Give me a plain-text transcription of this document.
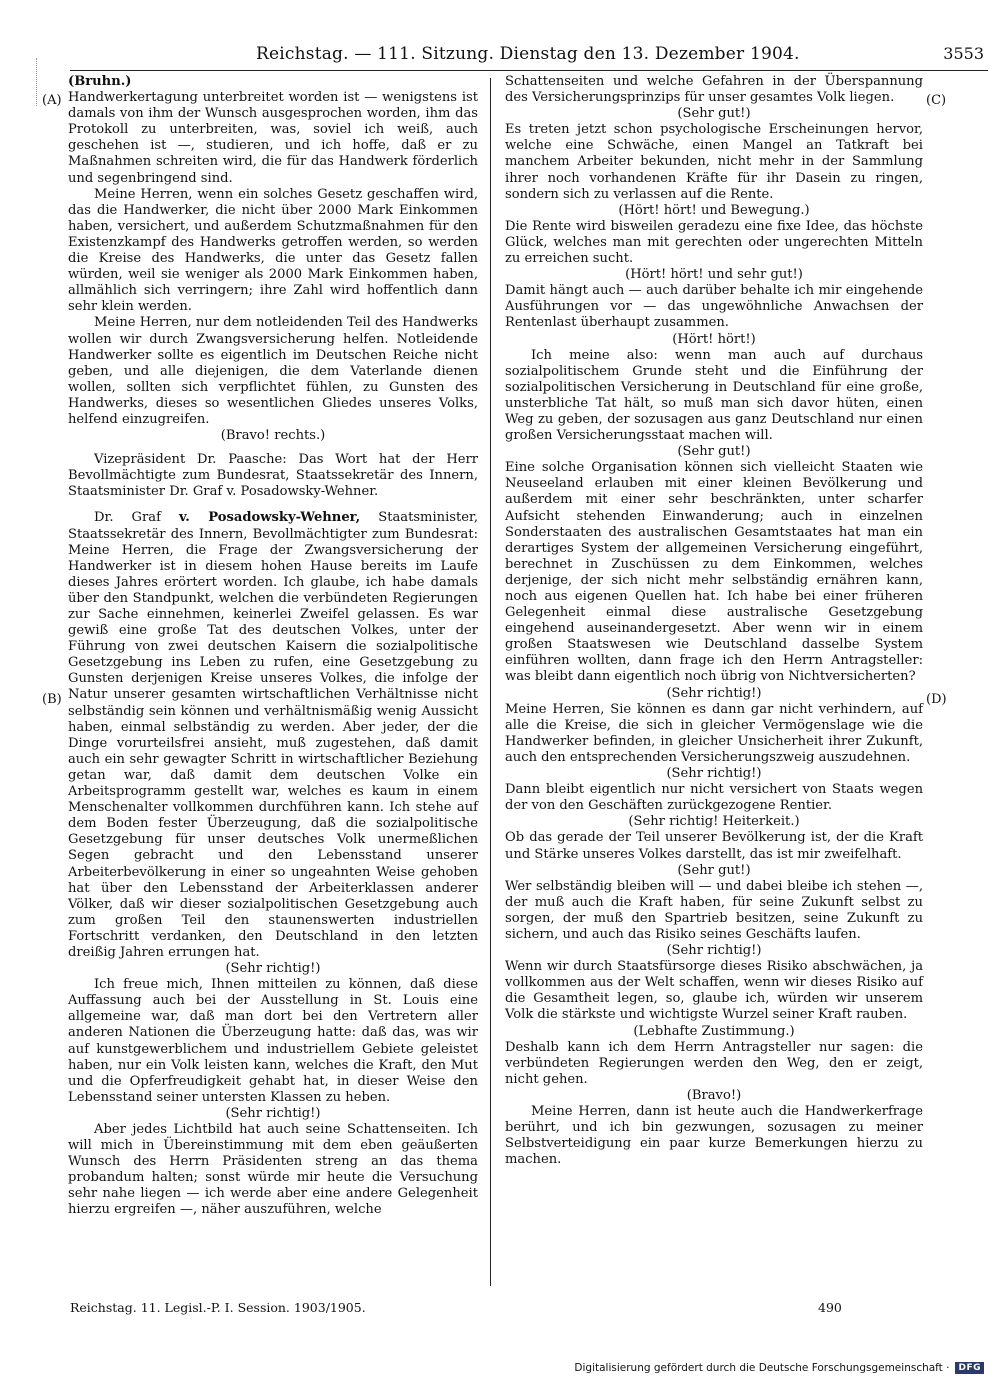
Reichstag. — 111. Sitzung. Dienstag den 13. Dezember 1904.	3553
(A)
(B)
(C)
(D)

(Bruhn.)

Handwerkertagung unterbreitet worden ist — wenigstens ist damals von ihm der Wunsch ausgesprochen worden, ihm das Protokoll zu unterbreiten, was, soviel ich weiß, auch geschehen ist —, studieren, und ich hoffe, daß er zu Maßnahmen schreiten wird, die für das Handwerk förderlich und segenbringend sind.

Meine Herren, wenn ein solches Gesetz geschaffen wird, das die Handwerker, die nicht über 2000 Mark Einkommen haben, versichert, und außerdem Schutzmaßnahmen für den Existenzkampf des Handwerks getroffen werden, so werden die Kreise des Handwerks, die unter das Gesetz fallen würden, weil sie weniger als 2000 Mark Einkommen haben, allmählich sich verringern; ihre Zahl wird hoffentlich dann sehr klein werden.

Meine Herren, nur dem notleidenden Teil des Handwerks wollen wir durch Zwangsversicherung helfen. Notleidende Handwerker sollte es eigentlich im Deutschen Reiche nicht geben, und alle diejenigen, die dem Vaterlande dienen wollen, sollten sich verpflichtet fühlen, zu Gunsten des Handwerks, dieses so wesentlichen Gliedes unseres Volks, helfend einzugreifen.

(Bravo! rechts.)

Vizepräsident Dr. Paasche: Das Wort hat der Herr Bevollmächtigte zum Bundesrat, Staatssekretär des Innern, Staatsminister Dr. Graf v. Posadowsky-Wehner.

Dr. Graf v. Posadowsky-Wehner, Staatsminister, Staatssekretär des Innern, Bevollmächtigter zum Bundesrat: Meine Herren, die Frage der Zwangsversicherung der Handwerker ist in diesem hohen Hause bereits im Laufe dieses Jahres erörtert worden. Ich glaube, ich habe damals über den Standpunkt, welchen die verbündeten Regierungen zur Sache einnehmen, keinerlei Zweifel gelassen. Es war gewiß eine große Tat des deutschen Volkes, unter der Führung von zwei deutschen Kaisern die sozialpolitische Gesetzgebung ins Leben zu rufen, eine Gesetzgebung zu Gunsten derjenigen Kreise unseres Volkes, die infolge der Natur unserer gesamten wirtschaftlichen Verhältnisse nicht selbständig sein können und verhältnismäßig wenig Aussicht haben, einmal selbständig zu werden. Aber jeder, der die Dinge vorurteilsfrei ansieht, muß zugestehen, daß damit auch ein sehr gewagter Schritt in wirtschaftlicher Beziehung getan war, daß damit dem deutschen Volke ein Arbeitsprogramm gestellt war, welches es kaum in einem Menschenalter vollkommen durchführen kann. Ich stehe auf dem Boden fester Überzeugung, daß die sozialpolitische Gesetzgebung für unser deutsches Volk unermeßlichen Segen gebracht und den Lebensstand unserer Arbeiterbevölkerung in einer so ungeahnten Weise gehoben hat über den Lebensstand der Arbeiterklassen anderer Völker, daß wir dieser sozialpolitischen Gesetzgebung auch zum großen Teil den staunenswerten industriellen Fortschritt verdanken, den Deutschland in den letzten dreißig Jahren errungen hat.

(Sehr richtig!)

Ich freue mich, Ihnen mitteilen zu können, daß diese Auffassung auch bei der Ausstellung in St. Louis eine allgemeine war, daß man dort bei den Vertretern aller anderen Nationen die Überzeugung hatte: daß das, was wir auf kunstgewerblichem und industriellem Gebiete geleistet haben, nur ein Volk leisten kann, welches die Kraft, den Mut und die Opferfreudigkeit gehabt hat, in dieser Weise den Lebensstand seiner untersten Klassen zu heben.

(Sehr richtig!)

Aber jedes Lichtbild hat auch seine Schattenseiten. Ich will mich in Übereinstimmung mit dem eben geäußerten Wunsch des Herrn Präsidenten streng an das thema probandum halten; sonst würde mir heute die Versuchung sehr nahe liegen — ich werde aber eine andere Gelegenheit hierzu ergreifen —, näher auszuführen, welche

Schattenseiten und welche Gefahren in der Überspannung des Versicherungsprinzips für unser gesamtes Volk liegen.

(Sehr gut!)

Es treten jetzt schon psychologische Erscheinungen hervor, welche eine Schwäche, einen Mangel an Tatkraft bei manchem Arbeiter bekunden, nicht mehr in der Sammlung ihrer noch vorhandenen Kräfte für ihr Dasein zu ringen, sondern sich zu verlassen auf die Rente.

(Hört! hört! und Bewegung.)

Die Rente wird bisweilen geradezu eine fixe Idee, das höchste Glück, welches man mit gerechten oder ungerechten Mitteln zu erreichen sucht.

(Hört! hört! und sehr gut!)

Damit hängt auch — auch darüber behalte ich mir eingehende Ausführungen vor — das ungewöhnliche Anwachsen der Rentenlast überhaupt zusammen.

(Hört! hört!)

Ich meine also: wenn man auch auf durchaus sozialpolitischem Grunde steht und die Einführung der sozialpolitischen Versicherung in Deutschland für eine große, unsterbliche Tat hält, so muß man sich davor hüten, einen Weg zu geben, der sozusagen aus ganz Deutschland nur einen großen Versicherungsstaat machen will.

(Sehr gut!)

Eine solche Organisation können sich vielleicht Staaten wie Neuseeland erlauben mit einer kleinen Bevölkerung und außerdem mit einer sehr beschränkten, unter scharfer Aufsicht stehenden Einwanderung; auch in einzelnen Sonderstaaten des australischen Gesamtstaates hat man ein derartiges System der allgemeinen Versicherung eingeführt, berechnet in Zuschüssen zu dem Einkommen, welches derjenige, der sich nicht mehr selbständig ernähren kann, noch aus eigenen Quellen hat. Ich habe bei einer früheren Gelegenheit einmal diese australische Gesetzgebung eingehend auseinandergesetzt. Aber wenn wir in einem großen Staatswesen wie Deutschland dasselbe System einführen wollten, dann frage ich den Herrn Antragsteller: was bleibt dann eigentlich noch übrig von Nichtversicherten?

(Sehr richtig!)

Meine Herren, Sie können es dann gar nicht verhindern, auf alle die Kreise, die sich in gleicher Vermögenslage wie die Handwerker befinden, in gleicher Unsicherheit ihrer Zukunft, auch den entsprechenden Versicherungszweig auszudehnen.

(Sehr richtig!)

Dann bleibt eigentlich nur nicht versichert von Staats wegen der von den Geschäften zurückgezogene Rentier.

(Sehr richtig! Heiterkeit.)

Ob das gerade der Teil unserer Bevölkerung ist, der die Kraft und Stärke unseres Volkes darstellt, das ist mir zweifelhaft.

(Sehr gut!)

Wer selbständig bleiben will — und dabei bleibe ich stehen —, der muß auch die Kraft haben, für seine Zukunft selbst zu sorgen, der muß den Spartrieb besitzen, seine Zukunft zu sichern, und auch das Risiko seines Geschäfts laufen.

(Sehr richtig!)

Wenn wir durch Staatsfürsorge dieses Risiko abschwächen, ja vollkommen aus der Welt schaffen, wenn wir dieses Risiko auf die Gesamtheit legen, so, glaube ich, würden wir unserem Volk die stärkste und wichtigste Wurzel seiner Kraft rauben.

(Lebhafte Zustimmung.)

Deshalb kann ich dem Herrn Antragsteller nur sagen: die verbündeten Regierungen werden den Weg, den er zeigt, nicht gehen.

(Bravo!)

Meine Herren, dann ist heute auch die Handwerkerfrage berührt, und ich bin gezwungen, sozusagen zu meiner Selbstverteidigung ein paar kurze Bemerkungen hierzu zu machen.

Reichstag. 11. Legisl.-P. I. Session. 1903/1905.	490
Digitalisierung gefördert durch die Deutsche Forschungsgemeinschaft ·	DFG
